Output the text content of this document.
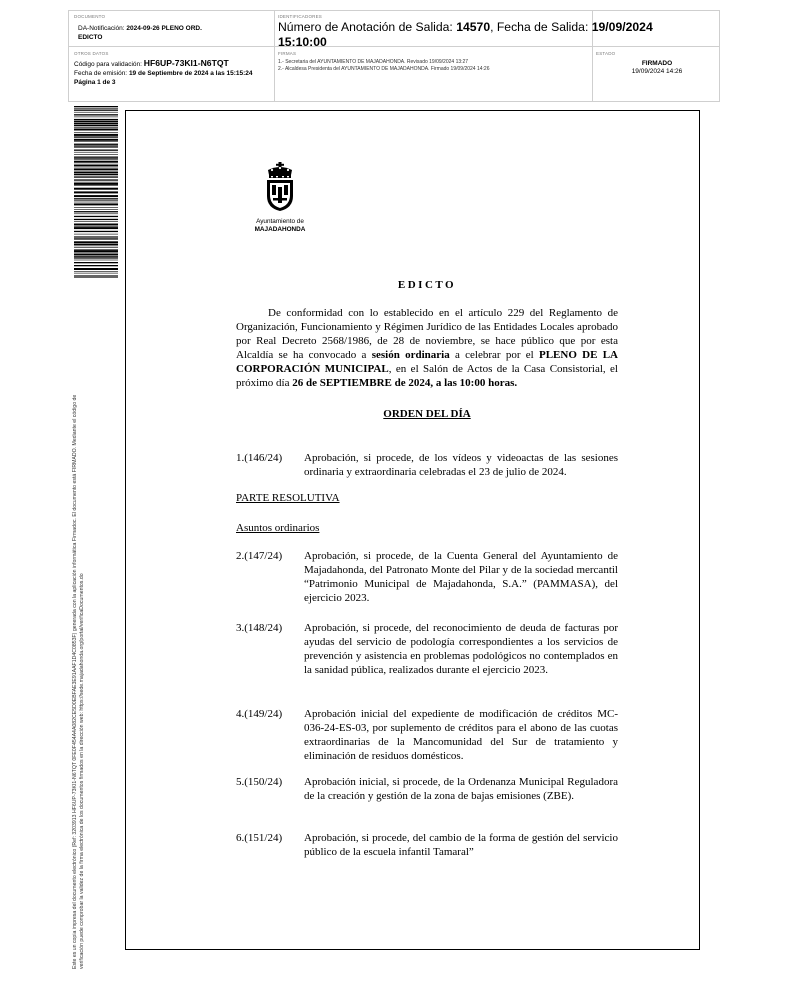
DOCUMENTO
DA-Notificación: 2024-09-26 PLENO ORD.
EDICTO
IDENTIFICADORES
Número de Anotación de Salida: 14570, Fecha de Salida: 19/09/2024
15:10:00
OTROS DATOS
Código para validación: HF6UP-73KI1-N6TQT
Fecha de emisión: 19 de Septiembre de 2024 a las 15:15:24
Página 1 de 3
FIRMAS
1.- Secretaria del AYUNTAMIENTO DE MAJADAHONDA. Revisado 19/09/2024 13:27
2.- Alcaldesa Presidenta del AYUNTAMIENTO DE MAJADAHONDA. Firmado 19/09/2024 14:26
ESTADO
FIRMADO
19/09/2024 14:26
Este es un copia impresa del documento electrónico (Ref: 3203913 HF6UP-73KI1-N6TQT 0FE0F454A4A082CE5D0EBFAE3E91AAF1D4C0853F) generada con la aplicación informática Firmadoc. El documento está FIRMADO. Mediante el código de verificación puede comprobar la validez de la firma electrónica de los documentos firmados en la dirección web: https://sede.majadahonda.org/portal/verificaDocumentos.do
Ayuntamiento de
MAJADAHONDA
EDICTO

De conformidad con lo establecido en el artículo 229 del Reglamento de Organización, Funcionamiento y Régimen Jurídico de las Entidades Locales aprobado por Real Decreto 2568/1986, de 28 de noviembre, se hace público que por esta Alcaldía se ha convocado a sesión ordinaria a celebrar por el PLENO DE LA CORPORACIÓN MUNICIPAL, en el Salón de Actos de la Casa Consistorial, el próximo día 26 de SEPTIEMBRE de 2024, a las 10:00 horas.

ORDEN DEL DÍA
1.(146/24)	Aprobación, si procede, de los vídeos y videoactas de las sesiones ordinaria y extraordinaria celebradas el 23 de julio de 2024.
PARTE RESOLUTIVA
Asuntos ordinarios
2.(147/24)	Aprobación, si procede, de la Cuenta General del Ayuntamiento de Majadahonda, del Patronato Monte del Pilar y de la sociedad mercantil “Patrimonio Municipal de Majadahonda, S.A.” (PAMMASA), del ejercicio 2023.
3.(148/24)	Aprobación, si procede, del reconocimiento de deuda de facturas por ayudas del servicio de podología correspondientes a los servicios de prevención y asistencia en problemas podológicos no contemplados en la sanidad pública, realizados durante el ejercicio 2023.
4.(149/24)	Aprobación inicial del expediente de modificación de créditos MC-036-24-ES-03, por suplemento de créditos para el abono de las cuotas extraordinarias de la Mancomunidad del Sur de tratamiento y eliminación de residuos domésticos.
5.(150/24)	Aprobación inicial, si procede, de la Ordenanza Municipal Reguladora de la creación y gestión de la zona de bajas emisiones (ZBE).
6.(151/24)	Aprobación, si procede, del cambio de la forma de gestión del servicio público de la escuela infantil Tamaral”
